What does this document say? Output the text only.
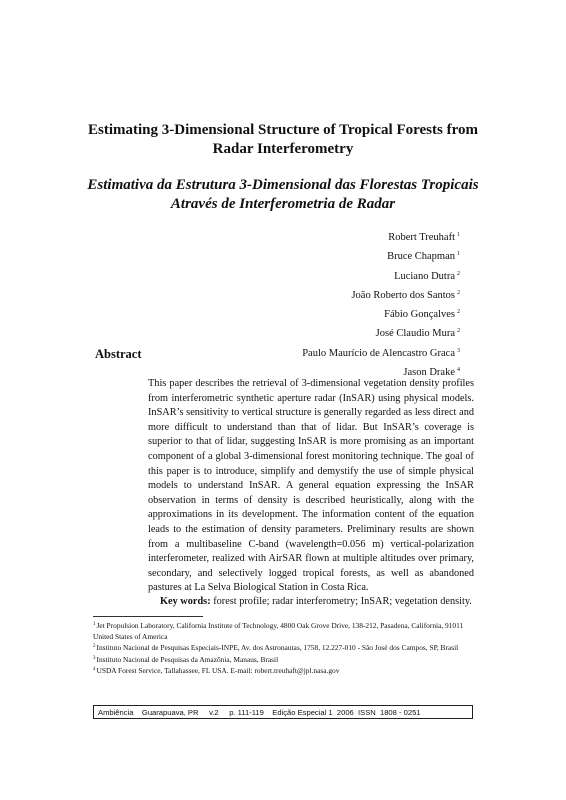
Estimating 3-Dimensional Structure of Tropical Forests from
Radar Interferometry
Estimativa da Estrutura 3-Dimensional das Florestas Tropicais
Através de Interferometria de Radar
Robert Treuhaft $^1$
Bruce Chapman $^1$
Luciano Dutra $^2$
João Roberto dos Santos $^2$
Fábio Gonçalves $^2$
José Claudio Mura $^2$
Paulo Maurício de Alencastro Graca $^3$
Jason Drake $^4$
Abstract
This paper describes the retrieval of 3-dimensional vegetation density profiles from interferometric synthetic aperture radar (InSAR) using physical models. InSAR’s sensitivity to vertical structure is generally regarded as less direct and more difficult to understand than that of lidar. But InSAR’s coverage is superior to that of lidar, suggesting InSAR is more promising as an important component of a global 3-dimensional forest monitoring technique. The goal of this paper is to introduce, simplify and demystify the use of simple physical models to understand InSAR. A general equation expressing the InSAR observation in terms of density is described heuristically, along with the approximations in its development. The information content of the equation leads to the estimation of density parameters. Preliminary results are shown from a multibaseline C-band (wavelength=0.056 m) vertical-polarization interferometer, realized with AirSAR flown at multiple altitudes over primary, secondary, and selectively logged tropical forests, as well as abandoned pastures at La Selva Biological Station in Costa Rica.
Key words: forest profile; radar interferometry; InSAR; vegetation density.

$^1$Jet Propulsion Laboratory, California Institute of Technology, 4800 Oak Grove Drive, 138-212, Pasadena, California, 91011 United States of America

$^2$Instituto Nacional de Pesquisas Especiais-INPE, Av. dos Astronautas, 1758, 12.227-010 - São José dos Campos, SP, Brasil

$^3$Instituto Nacional de Pesquisas da Amazônia, Manaus, Brasil

$^4$USDA Forest Service, Tallahassee, FL USA. E-mail: robert.treuhaft@jpl.nasa.gov

Ambiência Guarapuava, PR v.2 p. 111-119 Edição Especial 1 2006 ISSN  1808 - 0251
